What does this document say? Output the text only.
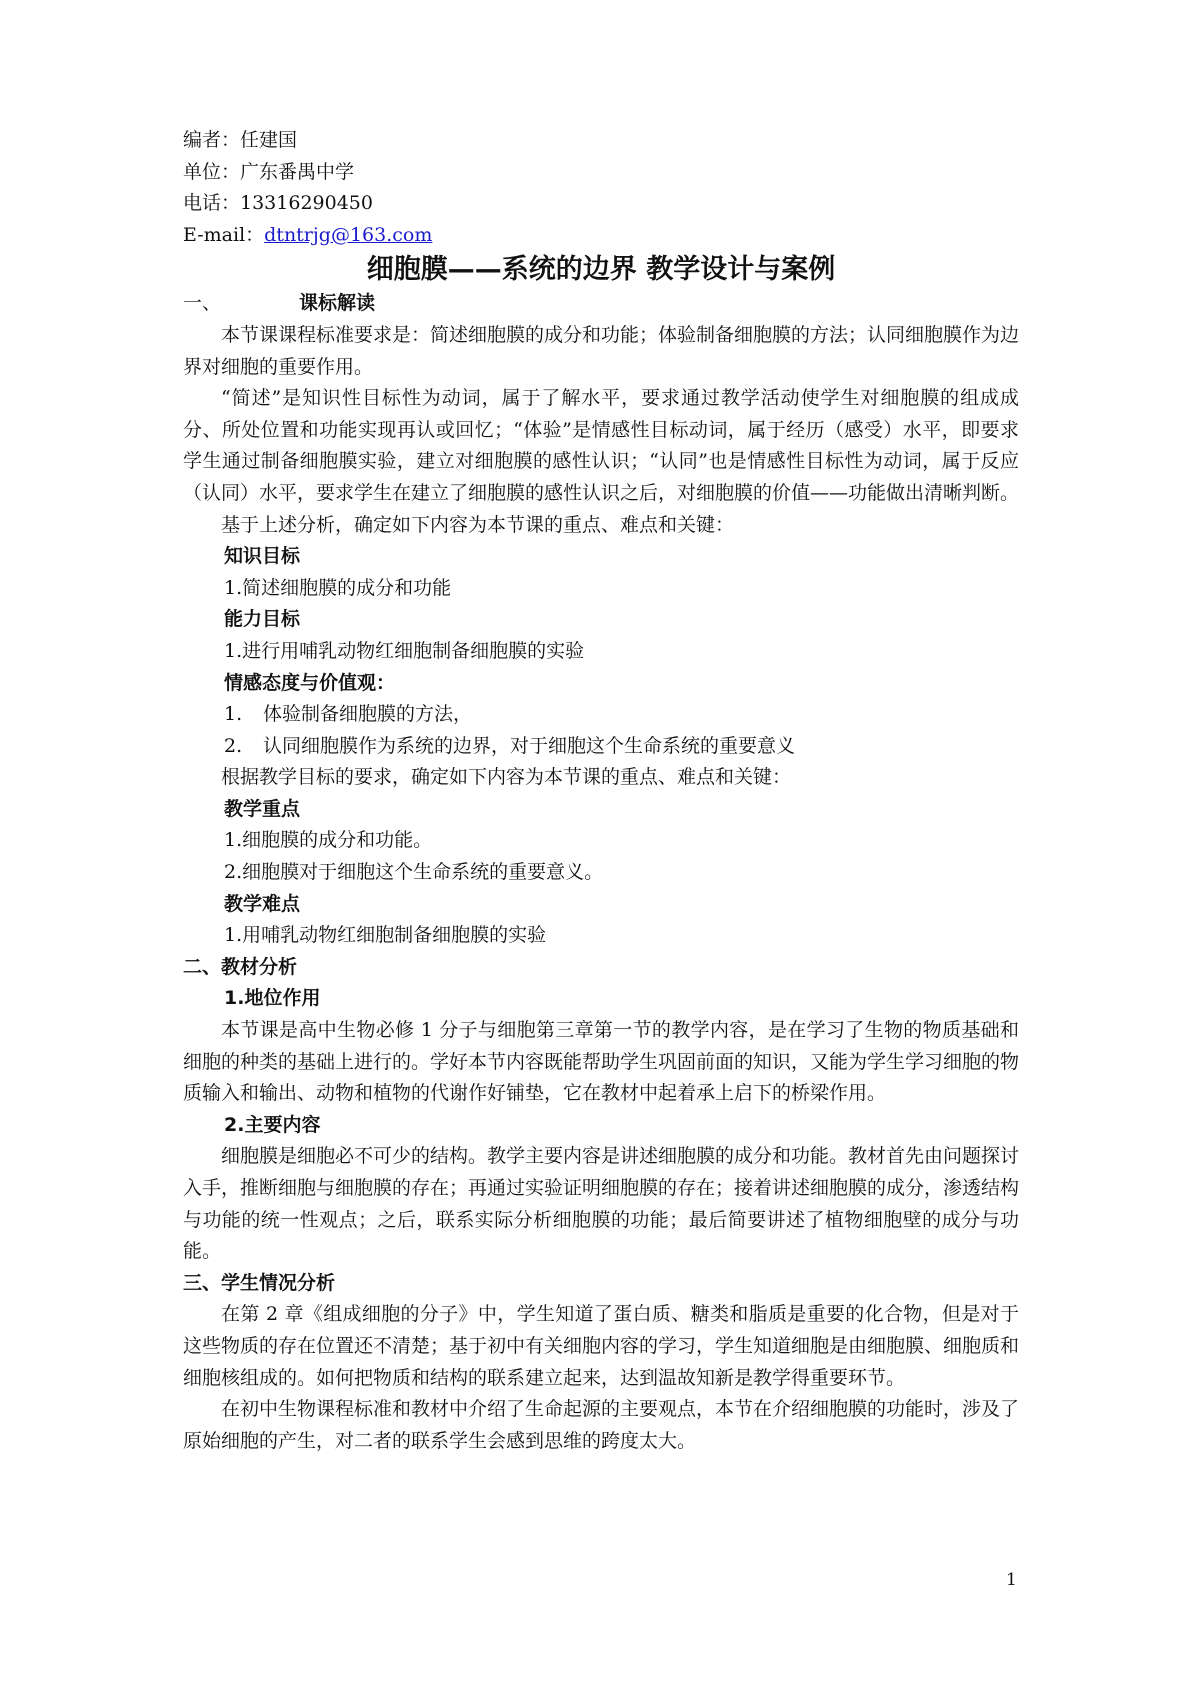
编者：任建国
单位：广东番禺中学
电话：13316290450
E-mail：dtntrjg@163.com
细胞膜——系统的边界 教学设计与案例
一、	课标解读
本节课课程标准要求是：简述细胞膜的成分和功能；体验制备细胞膜的方法；认同细胞膜作为边界对细胞的重要作用。
“简述”是知识性目标性为动词，属于了解水平，要求通过教学活动使学生对细胞膜的组成成分、所处位置和功能实现再认或回忆；“体验”是情感性目标动词，属于经历（感受）水平，即要求学生通过制备细胞膜实验，建立对细胞膜的感性认识；“认同”也是情感性目标性为动词，属于反应（认同）水平，要求学生在建立了细胞膜的感性认识之后，对细胞膜的价值——功能做出清晰判断。
基于上述分析，确定如下内容为本节课的重点、难点和关键：
知识目标
1.简述细胞膜的成分和功能
能力目标
1.进行用哺乳动物红细胞制备细胞膜的实验
情感态度与价值观：
1. 体验制备细胞膜的方法，
2. 认同细胞膜作为系统的边界，对于细胞这个生命系统的重要意义
根据教学目标的要求，确定如下内容为本节课的重点、难点和关键：
教学重点
1.细胞膜的成分和功能。
2.细胞膜对于细胞这个生命系统的重要意义。
教学难点
1.用哺乳动物红细胞制备细胞膜的实验
二、教材分析
1.地位作用
本节课是高中生物必修 1 分子与细胞第三章第一节的教学内容，是在学习了生物的物质基础和细胞的种类的基础上进行的。学好本节内容既能帮助学生巩固前面的知识，又能为学生学习细胞的物质输入和输出、动物和植物的代谢作好铺垫，它在教材中起着承上启下的桥梁作用。
2.主要内容
细胞膜是细胞必不可少的结构。教学主要内容是讲述细胞膜的成分和功能。教材首先由问题探讨入手，推断细胞与细胞膜的存在；再通过实验证明细胞膜的存在；接着讲述细胞膜的成分，渗透结构与功能的统一性观点；之后，联系实际分析细胞膜的功能；最后简要讲述了植物细胞壁的成分与功能。
三、学生情况分析
在第 2 章《组成细胞的分子》中，学生知道了蛋白质、糖类和脂质是重要的化合物，但是对于这些物质的存在位置还不清楚；基于初中有关细胞内容的学习，学生知道细胞是由细胞膜、细胞质和细胞核组成的。如何把物质和结构的联系建立起来，达到温故知新是教学得重要环节。
在初中生物课程标准和教材中介绍了生命起源的主要观点，本节在介绍细胞膜的功能时，涉及了原始细胞的产生，对二者的联系学生会感到思维的跨度太大。
1
